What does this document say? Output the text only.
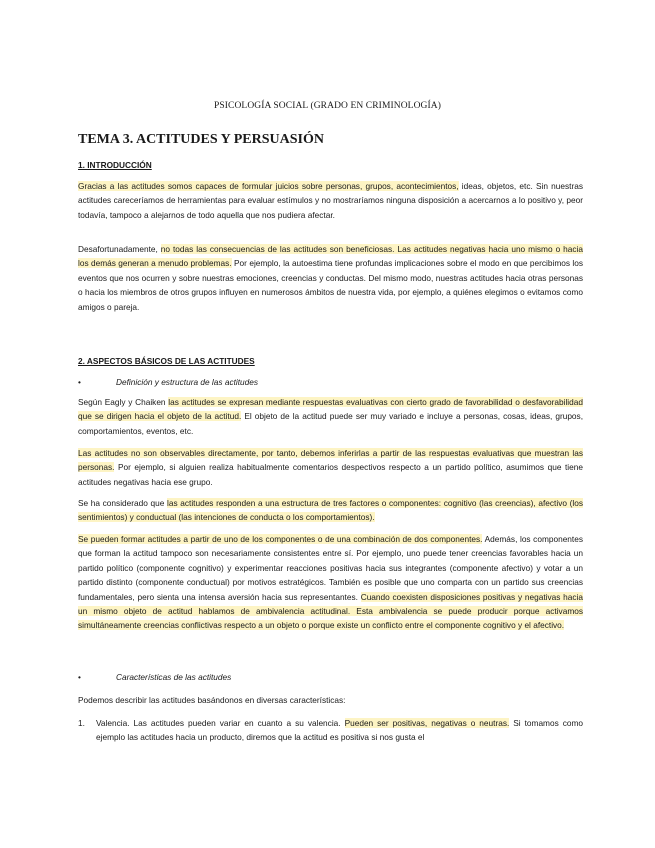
PSICOLOGÍA SOCIAL (GRADO EN CRIMINOLOGÍA)
TEMA 3. ACTITUDES Y PERSUASIÓN
1. INTRODUCCIÓN
Gracias a las actitudes somos capaces de formular juicios sobre personas, grupos, acontecimientos, ideas, objetos, etc. Sin nuestras actitudes careceríamos de herramientas para evaluar estímulos y no mostraríamos ninguna disposición a acercarnos a lo positivo y, peor todavía, tampoco a alejarnos de todo aquella que nos pudiera afectar.
Desafortunadamente, no todas las consecuencias de las actitudes son beneficiosas. Las actitudes negativas hacia uno mismo o hacia los demás generan a menudo problemas. Por ejemplo, la autoestima tiene profundas implicaciones sobre el modo en que percibimos los eventos que nos ocurren y sobre nuestras emociones, creencias y conductas. Del mismo modo, nuestras actitudes hacia otras personas o hacia los miembros de otros grupos influyen en numerosos ámbitos de nuestra vida, por ejemplo, a quiénes elegimos o evitamos como amigos o pareja.
2. ASPECTOS BÁSICOS DE LAS ACTITUDES
•	Definición y estructura de las actitudes
Según Eagly y Chaiken las actitudes se expresan mediante respuestas evaluativas con cierto grado de favorabilidad o desfavorabilidad que se dirigen hacia el objeto de la actitud. El objeto de la actitud puede ser muy variado e incluye a personas, cosas, ideas, grupos, comportamientos, eventos, etc.
Las actitudes no son observables directamente, por tanto, debemos inferirlas a partir de las respuestas evaluativas que muestran las personas. Por ejemplo, si alguien realiza habitualmente comentarios despectivos respecto a un partido político, asumimos que tiene actitudes negativas hacia ese grupo.
Se ha considerado que las actitudes responden a una estructura de tres factores o componentes: cognitivo (las creencias), afectivo (los sentimientos) y conductual (las intenciones de conducta o los comportamientos).
Se pueden formar actitudes a partir de uno de los componentes o de una combinación de dos componentes. Además, los componentes que forman la actitud tampoco son necesariamente consistentes entre sí. Por ejemplo, uno puede tener creencias favorables hacia un partido político (componente cognitivo) y experimentar reacciones positivas hacia sus integrantes (componente afectivo) y votar a un partido distinto (componente conductual) por motivos estratégicos. También es posible que uno comparta con un partido sus creencias fundamentales, pero sienta una intensa aversión hacia sus representantes. Cuando coexisten disposiciones positivas y negativas hacia un mismo objeto de actitud hablamos de ambivalencia actitudinal. Esta ambivalencia se puede producir porque activamos simultáneamente creencias conflictivas respecto a un objeto o porque existe un conflicto entre el componente cognitivo y el afectivo.
•	Características de las actitudes
Podemos describir las actitudes basándonos en diversas características:
1. Valencia. Las actitudes pueden variar en cuanto a su valencia. Pueden ser positivas, negativas o neutras. Si tomamos como ejemplo las actitudes hacia un producto, diremos que la actitud es positiva si nos gusta el
